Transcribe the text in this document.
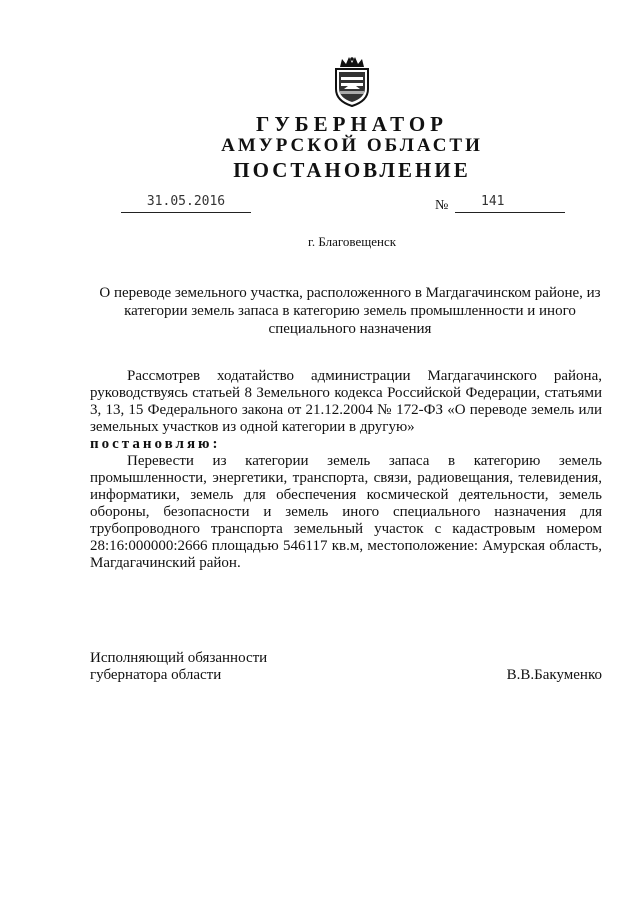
ГУБЕРНАТОР
АМУРСКОЙ ОБЛАСТИ
ПОСТАНОВЛЕНИЕ
31.05.2016	№	141
г. Благовещенск
О переводе земельного участка, расположенного в Магдагачинском районе, из категории земель запаса в категорию земель промышленности и иного специального назначения

Рассмотрев ходатайство администрации Магдагачинского района, руководствуясь статьей 8 Земельного кодекса Российской Федерации, статьями 3, 13, 15 Федерального закона от 21.12.2004 № 172-ФЗ «О переводе земель или земельных участков из одной категории в другую»

постановляю:

Перевести из категории земель запаса в категорию земель промышленности, энергетики, транспорта, связи, радиовещания, телевидения, информатики, земель для обеспечения космической деятельности, земель обороны, безопасности и земель иного специального назначения для трубопроводного транспорта земельный участок с кадастровым номером 28:16:000000:2666 площадью 546117 кв.м, местоположение: Амурская область, Магдагачинский район.

Исполняющий обязанности
губернатора области	В.В.Бакуменко
